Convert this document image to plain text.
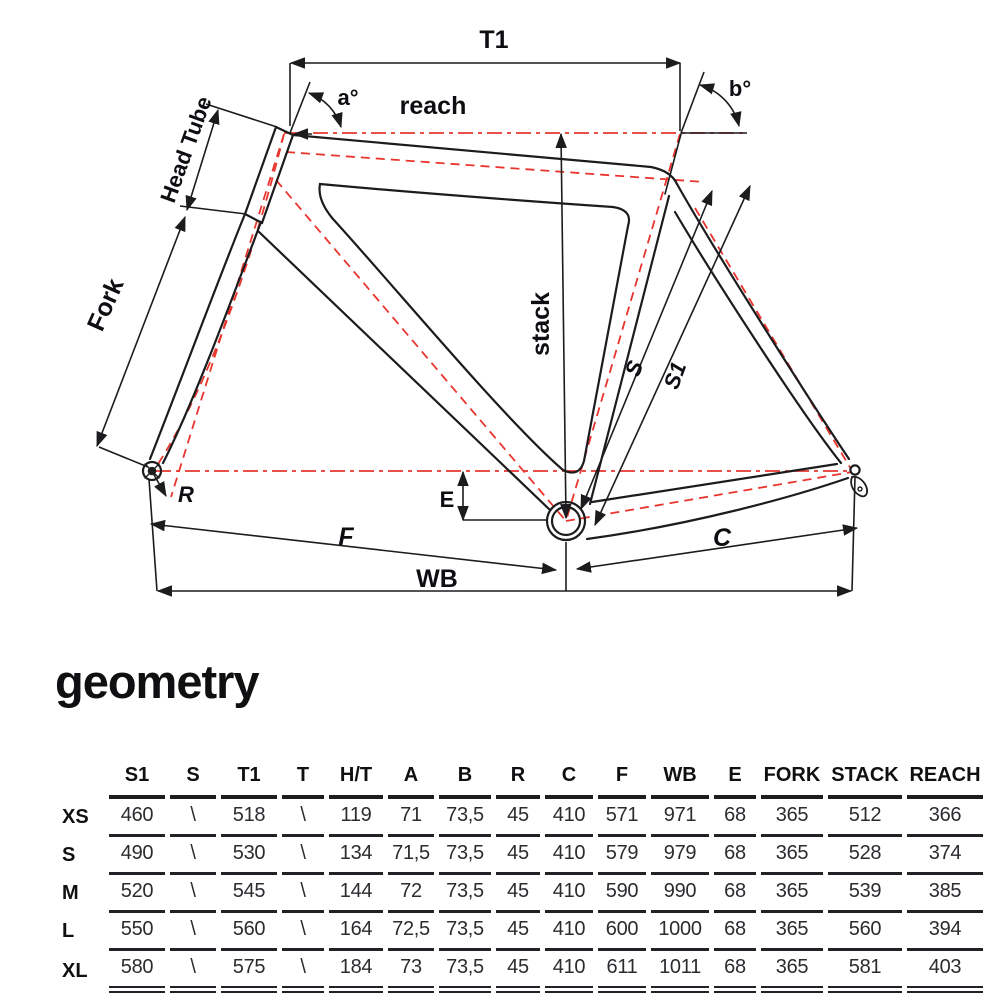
T1
a° reach
b°
Head Tube
Fork	stack
S S1
R	E
F	C
WB
geometry
	S1	S	T1	T	H/T	A	B	R	C	F	WB	E	FORK	STACK	REACH
XS	460	\	518	\	119	71	73,5	45	410	571	971	68	365	512	366
S	490	\	530	\	134	71,5	73,5	45	410	579	979	68	365	528	374
M	520	\	545	\	144	72	73,5	45	410	590	990	68	365	539	385
L	550	\	560	\	164	72,5	73,5	45	410	600	1000	68	365	560	394
XL	580	\	575	\	184	73	73,5	45	410	611	1011	68	365	581	403
